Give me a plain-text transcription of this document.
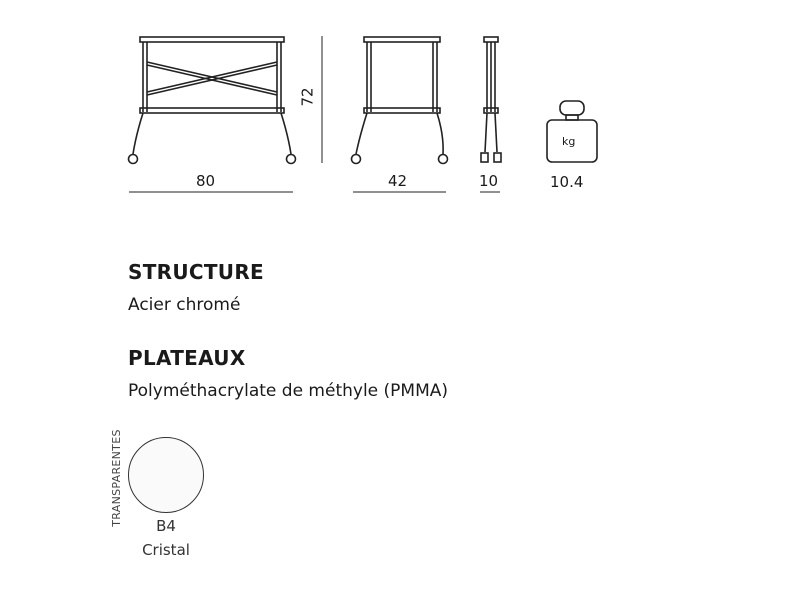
80
72
42	10
kg
10.4
STRUCTURE
Acier chromé
PLATEAUX
Polyméthacrylate de méthyle (PMMA)
TRANSPARENTES	B4
Cristal
